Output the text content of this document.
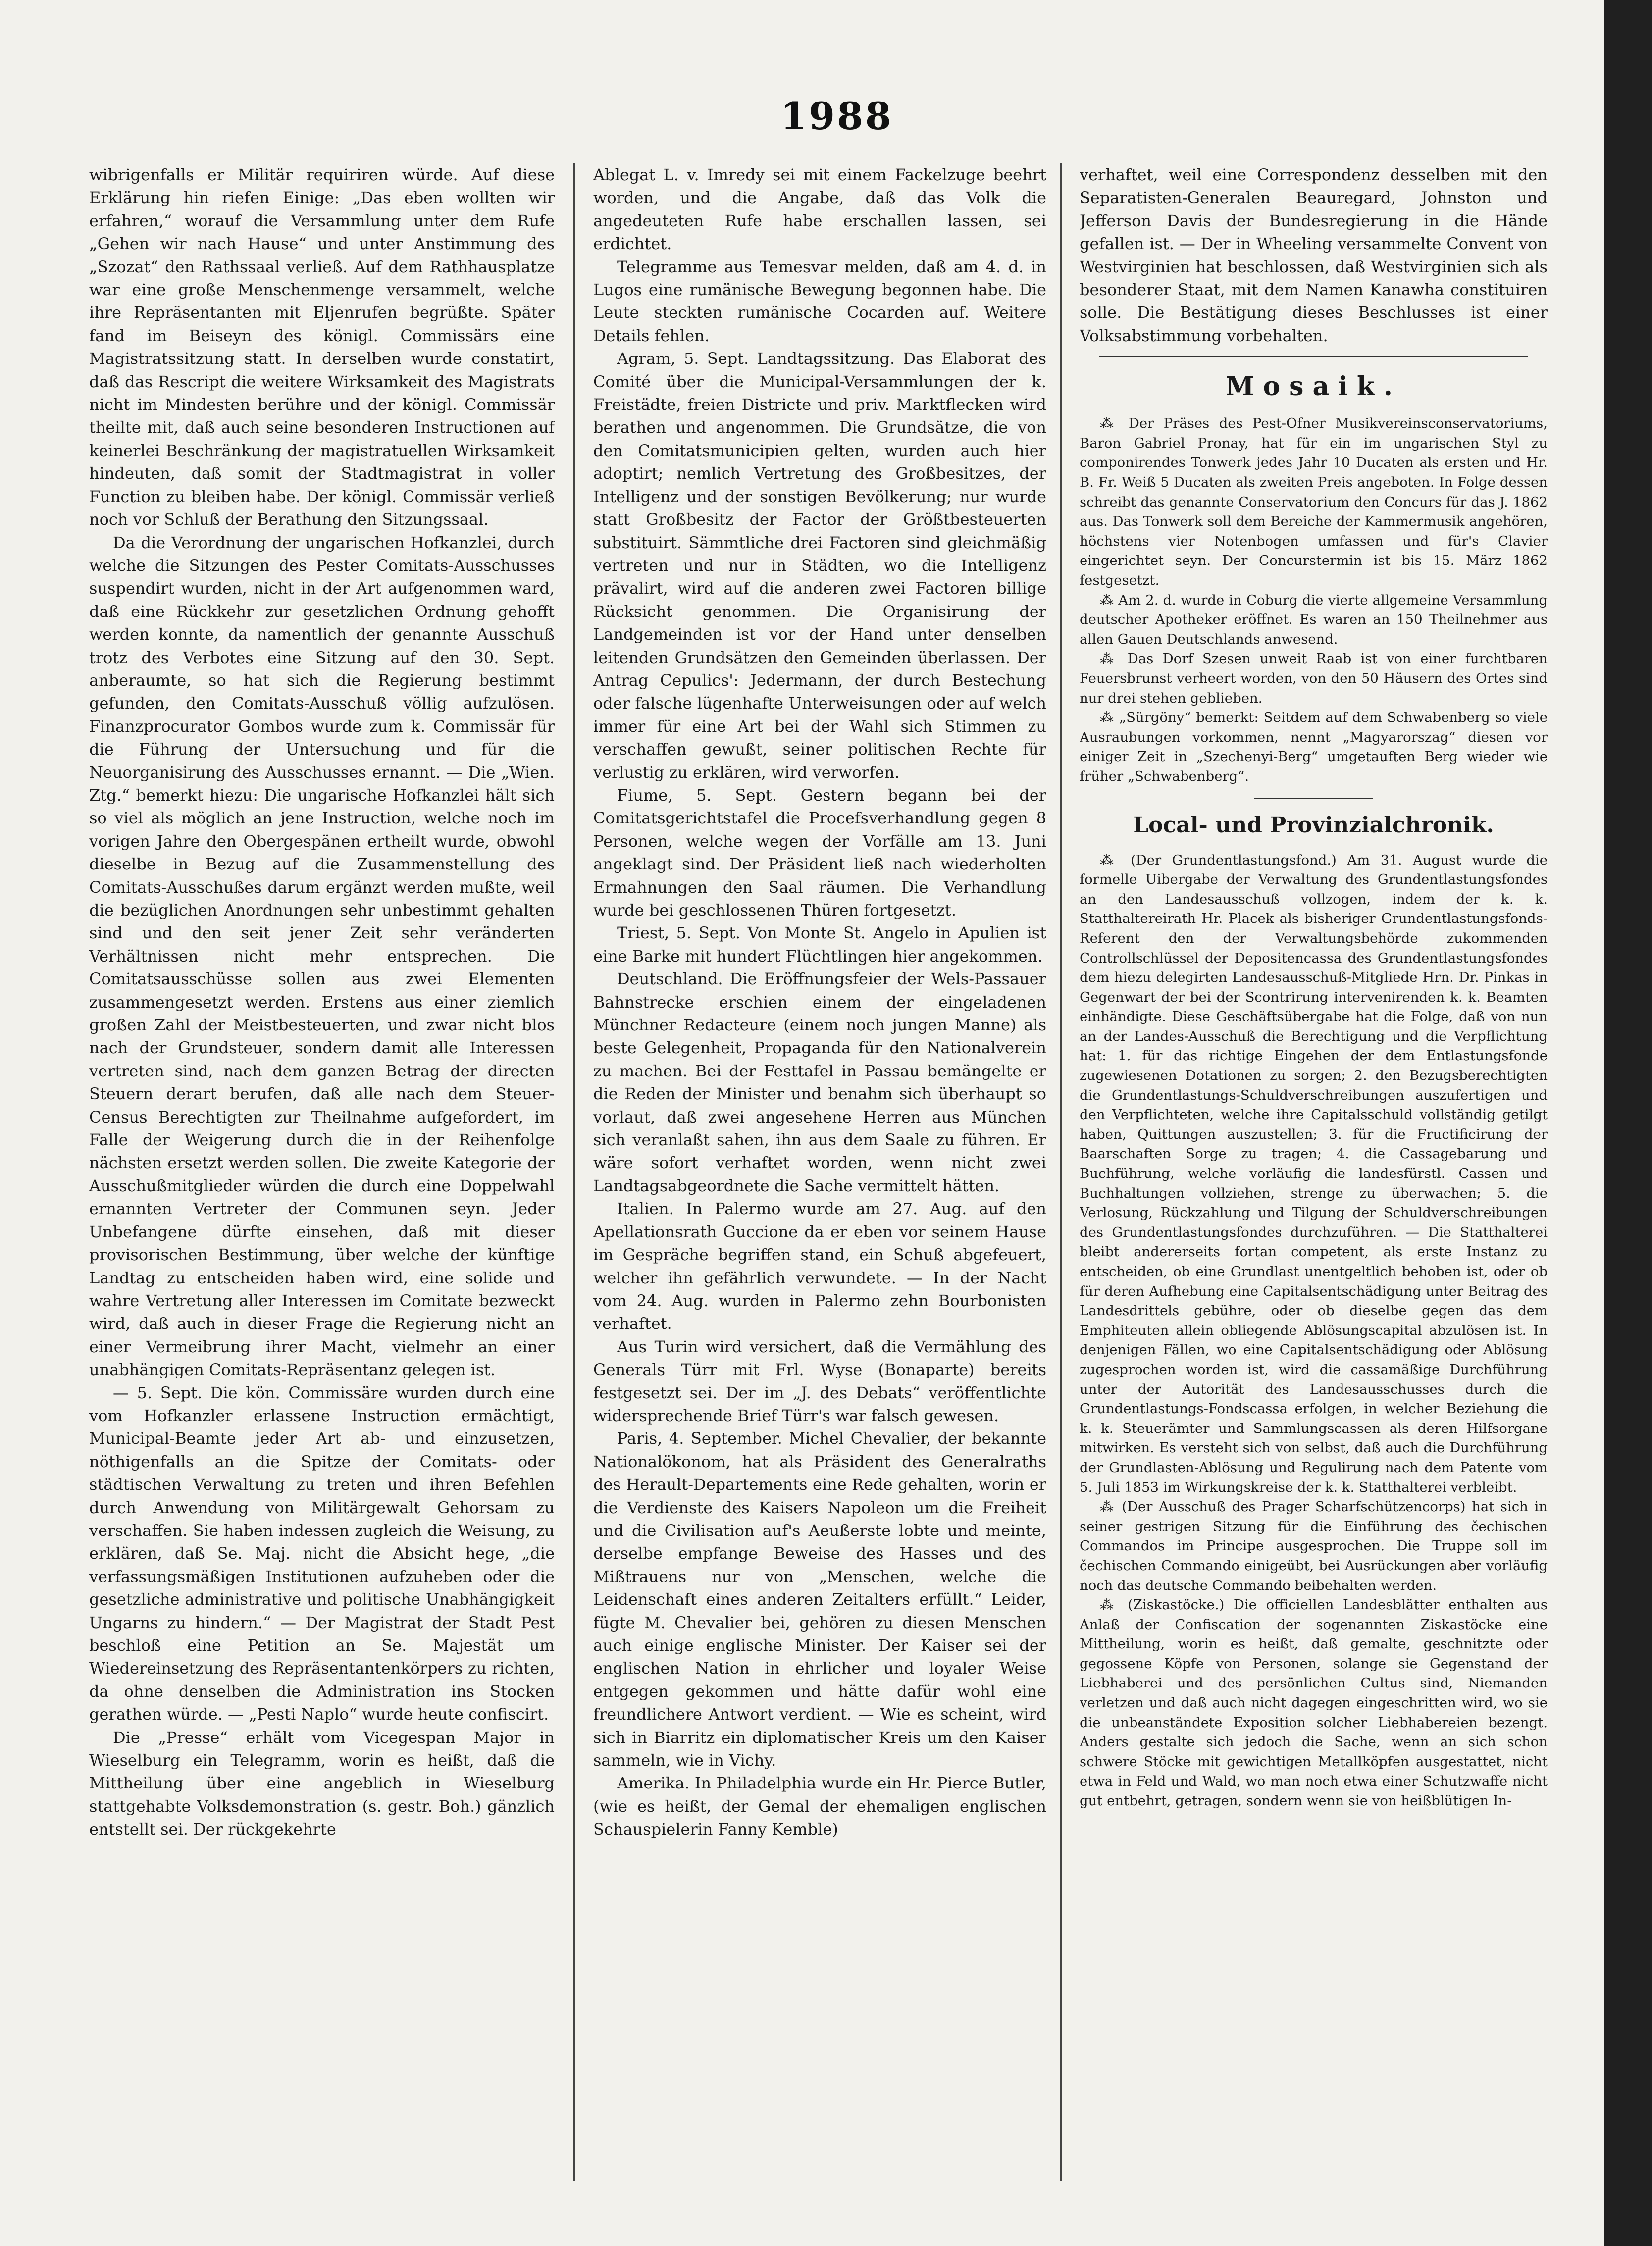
1988

wibrigenfalls er Militär requiriren würde. Auf diese Erklärung hin riefen Einige: „Das eben wollten wir erfahren,“ worauf die Versammlung unter dem Rufe „Gehen wir nach Hause“ und unter Anstimmung des „Szozat“ den Rathssaal verließ. Auf dem Rathhausplatze war eine große Menschenmenge versammelt, welche ihre Repräsentanten mit Eljenrufen begrüßte. Später fand im Beiseyn des königl. Commissärs eine Magistratssitzung statt. In derselben wurde constatirt, daß das Rescript die weitere Wirksamkeit des Magistrats nicht im Mindesten berühre und der königl. Commissär theilte mit, daß auch seine besonderen Instructionen auf keinerlei Beschränkung der magistratuellen Wirksamkeit hindeuten, daß somit der Stadtmagistrat in voller Function zu bleiben habe. Der königl. Commissär verließ noch vor Schluß der Berathung den Sitzungssaal.

Da die Verordnung der ungarischen Hofkanzlei, durch welche die Sitzungen des Pester Comitats-Ausschusses suspendirt wurden, nicht in der Art aufgenommen ward, daß eine Rückkehr zur gesetzlichen Ordnung gehofft werden konnte, da namentlich der genannte Ausschuß trotz des Verbotes eine Sitzung auf den 30. Sept. anberaumte, so hat sich die Regierung bestimmt gefunden, den Comitats-Ausschuß völlig aufzulösen. Finanzprocurator Gombos wurde zum k. Commissär für die Führung der Untersuchung und für die Neuorganisirung des Ausschusses ernannt. — Die „Wien. Ztg.“ bemerkt hiezu: Die ungarische Hofkanzlei hält sich so viel als möglich an jene Instruction, welche noch im vorigen Jahre den Obergespänen ertheilt wurde, obwohl dieselbe in Bezug auf die Zusammenstellung des Comitats-Ausschußes darum ergänzt werden mußte, weil die bezüglichen Anordnungen sehr unbestimmt gehalten sind und den seit jener Zeit sehr veränderten Verhältnissen nicht mehr entsprechen. Die Comitatsausschüsse sollen aus zwei Elementen zusammengesetzt werden. Erstens aus einer ziemlich großen Zahl der Meistbesteuerten, und zwar nicht blos nach der Grundsteuer, sondern damit alle Interessen vertreten sind, nach dem ganzen Betrag der directen Steuern derart berufen, daß alle nach dem Steuer-Census Berechtigten zur Theilnahme aufgefordert, im Falle der Weigerung durch die in der Reihenfolge nächsten ersetzt werden sollen. Die zweite Kategorie der Ausschußmitglieder würden die durch eine Doppelwahl ernannten Vertreter der Communen seyn. Jeder Unbefangene dürfte einsehen, daß mit dieser provisorischen Bestimmung, über welche der künftige Landtag zu entscheiden haben wird, eine solide und wahre Vertretung aller Interessen im Comitate bezweckt wird, daß auch in dieser Frage die Regierung nicht an einer Vermeibrung ihrer Macht, vielmehr an einer unabhängigen Comitats-Repräsentanz gelegen ist.

— 5. Sept. Die kön. Commissäre wurden durch eine vom Hofkanzler erlassene Instruction ermächtigt, Municipal-Beamte jeder Art ab- und einzusetzen, nöthigenfalls an die Spitze der Comitats- oder städtischen Verwaltung zu treten und ihren Befehlen durch Anwendung von Militärgewalt Gehorsam zu verschaffen. Sie haben indessen zugleich die Weisung, zu erklären, daß Se. Maj. nicht die Absicht hege, „die verfassungsmäßigen Institutionen aufzuheben oder die gesetzliche administrative und politische Unabhängigkeit Ungarns zu hindern.“ — Der Magistrat der Stadt Pest beschloß eine Petition an Se. Majestät um Wiedereinsetzung des Repräsentantenkörpers zu richten, da ohne denselben die Administration ins Stocken gerathen würde. — „Pesti Naplo“ wurde heute confiscirt.

Die „Presse“ erhält vom Vicegespan Major in Wieselburg ein Telegramm, worin es heißt, daß die Mittheilung über eine angeblich in Wieselburg stattgehabte Volksdemonstration (s. gestr. Boh.) gänzlich entstellt sei. Der rückgekehrte

Ablegat L. v. Imredy sei mit einem Fackelzuge beehrt worden, und die Angabe, daß das Volk die angedeuteten Rufe habe erschallen lassen, sei erdichtet.

Telegramme aus Temesvar melden, daß am 4. d. in Lugos eine rumänische Bewegung begonnen habe. Die Leute steckten rumänische Cocarden auf. Weitere Details fehlen.

Agram, 5. Sept. Landtagssitzung. Das Elaborat des Comité über die Municipal-Versammlungen der k. Freistädte, freien Districte und priv. Marktflecken wird berathen und angenommen. Die Grundsätze, die von den Comitatsmunicipien gelten, wurden auch hier adoptirt; nemlich Vertretung des Großbesitzes, der Intelligenz und der sonstigen Bevölkerung; nur wurde statt Großbesitz der Factor der Größtbesteuerten substituirt. Sämmtliche drei Factoren sind gleichmäßig vertreten und nur in Städten, wo die Intelligenz prävalirt, wird auf die anderen zwei Factoren billige Rücksicht genommen. Die Organisirung der Landgemeinden ist vor der Hand unter denselben leitenden Grundsätzen den Gemeinden überlassen. Der Antrag Cepulics': Jedermann, der durch Bestechung oder falsche lügenhafte Unterweisungen oder auf welch immer für eine Art bei der Wahl sich Stimmen zu verschaffen gewußt, seiner politischen Rechte für verlustig zu erklären, wird verworfen.

Fiume, 5. Sept. Gestern begann bei der Comitatsgerichtstafel die Procefsverhandlung gegen 8 Personen, welche wegen der Vorfälle am 13. Juni angeklagt sind. Der Präsident ließ nach wiederholten Ermahnungen den Saal räumen. Die Verhandlung wurde bei geschlossenen Thüren fortgesetzt.

Triest, 5. Sept. Von Monte St. Angelo in Apulien ist eine Barke mit hundert Flüchtlingen hier angekommen.

Deutschland. Die Eröffnungsfeier der Wels-Passauer Bahnstrecke erschien einem der eingeladenen Münchner Redacteure (einem noch jungen Manne) als beste Gelegenheit, Propaganda für den Nationalverein zu machen. Bei der Festtafel in Passau bemängelte er die Reden der Minister und benahm sich überhaupt so vorlaut, daß zwei angesehene Herren aus München sich veranlaßt sahen, ihn aus dem Saale zu führen. Er wäre sofort verhaftet worden, wenn nicht zwei Landtagsabgeordnete die Sache vermittelt hätten.

Italien. In Palermo wurde am 27. Aug. auf den Apellationsrath Guccione da er eben vor seinem Hause im Gespräche begriffen stand, ein Schuß abgefeuert, welcher ihn gefährlich verwundete. — In der Nacht vom 24. Aug. wurden in Palermo zehn Bourbonisten verhaftet.

Aus Turin wird versichert, daß die Vermählung des Generals Türr mit Frl. Wyse (Bonaparte) bereits festgesetzt sei. Der im „J. des Debats“ veröffentlichte widersprechende Brief Türr's war falsch gewesen.

Paris, 4. September. Michel Chevalier, der bekannte Nationalökonom, hat als Präsident des Generalraths des Herault-Departements eine Rede gehalten, worin er die Verdienste des Kaisers Napoleon um die Freiheit und die Civilisation auf's Aeußerste lobte und meinte, derselbe empfange Beweise des Hasses und des Mißtrauens nur von „Menschen, welche die Leidenschaft eines anderen Zeitalters erfüllt.“ Leider, fügte M. Chevalier bei, gehören zu diesen Menschen auch einige englische Minister. Der Kaiser sei der englischen Nation in ehrlicher und loyaler Weise entgegen gekommen und hätte dafür wohl eine freundlichere Antwort verdient. — Wie es scheint, wird sich in Biarritz ein diplomatischer Kreis um den Kaiser sammeln, wie in Vichy.

Amerika. In Philadelphia wurde ein Hr. Pierce Butler, (wie es heißt, der Gemal der ehemaligen englischen Schauspielerin Fanny Kemble)

verhaftet, weil eine Correspondenz desselben mit den Separatisten-Generalen Beauregard, Johnston und Jefferson Davis der Bundesregierung in die Hände gefallen ist. — Der in Wheeling versammelte Convent von Westvirginien hat beschlossen, daß Westvirginien sich als besonderer Staat, mit dem Namen Kanawha constituiren solle. Die Bestätigung dieses Beschlusses ist einer Volksabstimmung vorbehalten.

Mosaik.

⁂ Der Präses des Pest-Ofner Musikvereinsconservatoriums, Baron Gabriel Pronay, hat für ein im ungarischen Styl zu componirendes Tonwerk jedes Jahr 10 Ducaten als ersten und Hr. B. Fr. Weiß 5 Ducaten als zweiten Preis angeboten. In Folge dessen schreibt das genannte Conservatorium den Concurs für das J. 1862 aus. Das Tonwerk soll dem Bereiche der Kammermusik angehören, höchstens vier Notenbogen umfassen und für's Clavier eingerichtet seyn. Der Concurstermin ist bis 15. März 1862 festgesetzt.

⁂ Am 2. d. wurde in Coburg die vierte allgemeine Versammlung deutscher Apotheker eröffnet. Es waren an 150 Theilnehmer aus allen Gauen Deutschlands anwesend.

⁂ Das Dorf Szesen unweit Raab ist von einer furchtbaren Feuersbrunst verheert worden, von den 50 Häusern des Ortes sind nur drei stehen geblieben.

⁂ „Sürgöny“ bemerkt: Seitdem auf dem Schwabenberg so viele Ausraubungen vorkommen, nennt „Magyarorszag“ diesen vor einiger Zeit in „Szechenyi-Berg“ umgetauften Berg wieder wie früher „Schwabenberg“.

Local- und Provinzialchronik.

⁂ (Der Grundentlastungsfond.) Am 31. August wurde die formelle Uibergabe der Verwaltung des Grundentlastungsfondes an den Landesausschuß vollzogen, indem der k. k. Statthaltereirath Hr. Placek als bisheriger Grundentlastungsfonds-Referent den der Verwaltungsbehörde zukommenden Controllschlüssel der Depositencassa des Grundentlastungsfondes dem hiezu delegirten Landesausschuß-Mitgliede Hrn. Dr. Pinkas in Gegenwart der bei der Scontrirung intervenirenden k. k. Beamten einhändigte. Diese Geschäftsübergabe hat die Folge, daß von nun an der Landes-Ausschuß die Berechtigung und die Verpflichtung hat: 1. für das richtige Eingehen der dem Entlastungsfonde zugewiesenen Dotationen zu sorgen; 2. den Bezugsberechtigten die Grundentlastungs-Schuldverschreibungen auszufertigen und den Verpflichteten, welche ihre Capitalsschuld vollständig getilgt haben, Quittungen auszustellen; 3. für die Fructificirung der Baarschaften Sorge zu tragen; 4. die Cassagebarung und Buchführung, welche vorläufig die landesfürstl. Cassen und Buchhaltungen vollziehen, strenge zu überwachen; 5. die Verlosung, Rückzahlung und Tilgung der Schuldverschreibungen des Grundentlastungsfondes durchzuführen. — Die Statthalterei bleibt andererseits fortan competent, als erste Instanz zu entscheiden, ob eine Grundlast unentgeltlich behoben ist, oder ob für deren Aufhebung eine Capitalsentschädigung unter Beitrag des Landesdrittels gebühre, oder ob dieselbe gegen das dem Emphiteuten allein obliegende Ablösungscapital abzulösen ist. In denjenigen Fällen, wo eine Capitalsentschädigung oder Ablösung zugesprochen worden ist, wird die cassamäßige Durchführung unter der Autorität des Landesausschusses durch die Grundentlastungs-Fondscassa erfolgen, in welcher Beziehung die k. k. Steuerämter und Sammlungscassen als deren Hilfsorgane mitwirken. Es versteht sich von selbst, daß auch die Durchführung der Grundlasten-Ablösung und Regulirung nach dem Patente vom 5. Juli 1853 im Wirkungskreise der k. k. Statthalterei verbleibt.

⁂ (Der Ausschuß des Prager Scharfschützencorps) hat sich in seiner gestrigen Sitzung für die Einführung des čechischen Commandos im Principe ausgesprochen. Die Truppe soll im čechischen Commando einigeübt, bei Ausrückungen aber vorläufig noch das deutsche Commando beibehalten werden.

⁂ (Ziskastöcke.) Die officiellen Landesblätter enthalten aus Anlaß der Confiscation der sogenannten Ziskastöcke eine Mittheilung, worin es heißt, daß gemalte, geschnitzte oder gegossene Köpfe von Personen, solange sie Gegenstand der Liebhaberei und des persönlichen Cultus sind, Niemanden verletzen und daß auch nicht dagegen eingeschritten wird, wo sie die unbeanständete Exposition solcher Liebhabereien bezengt. Anders gestalte sich jedoch die Sache, wenn an sich schon schwere Stöcke mit gewichtigen Metallköpfen ausgestattet, nicht etwa in Feld und Wald, wo man noch etwa einer Schutzwaffe nicht gut entbehrt, getragen, sondern wenn sie von heißblütigen In-
